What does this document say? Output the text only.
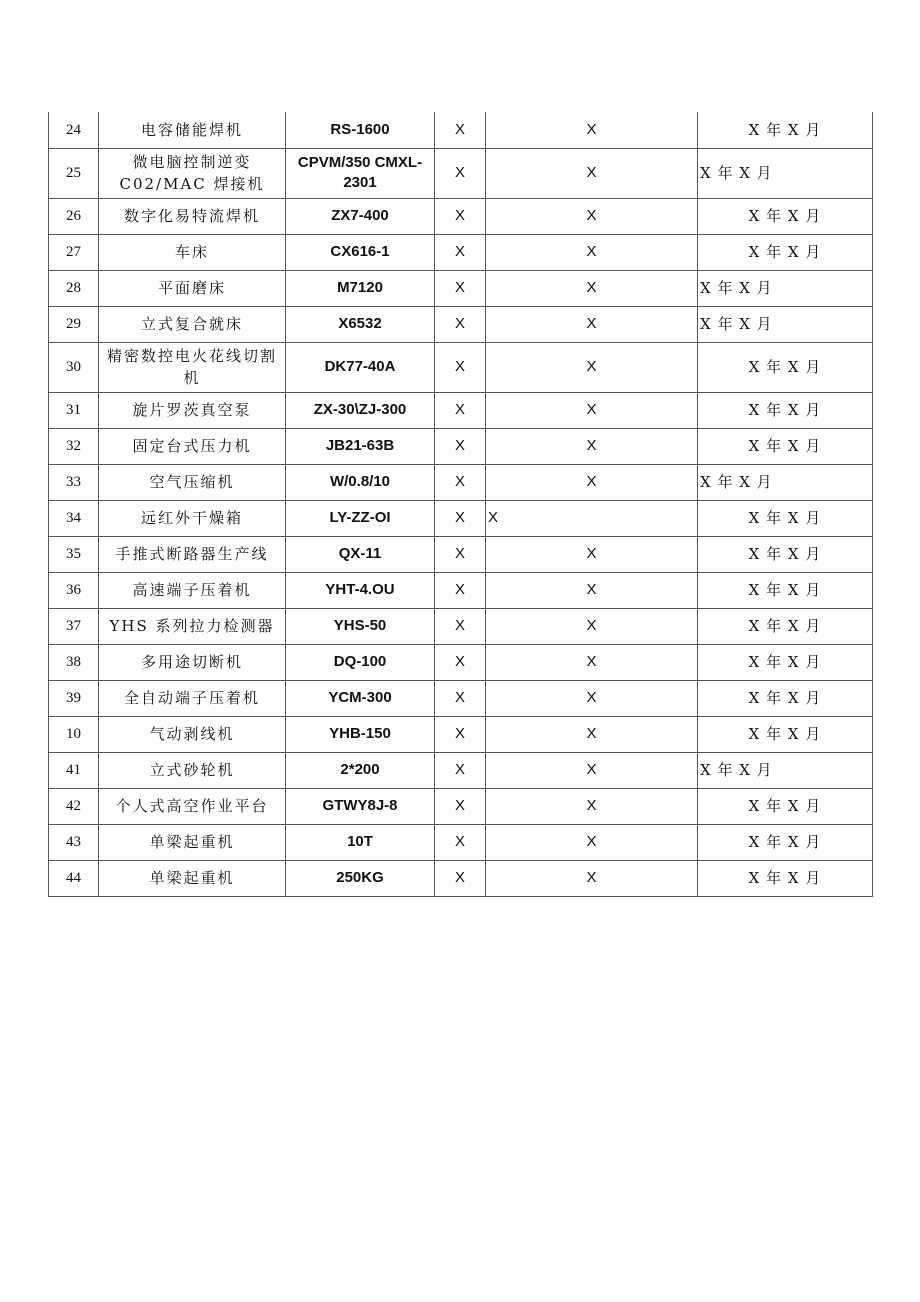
24	电容储能焊机	RS-1600	X	X	X 年 X 月
25	微电脑控制逆变 C02/MAC 焊接机	CPVM/350 CMXL-2301	X	X	X 年 X 月
26	数字化易特流焊机	ZX7-400	X	X	X 年 X 月
27	车床	CX616-1	X	X	X 年 X 月
28	平面磨床	M7120	X	X	X 年 X 月
29	立式复合就床	X6532	X	X	X 年 X 月
30	精密数控电火花线切割机	DK77-40A	X	X	X 年 X 月
31	旋片罗茨真空泵	ZX-30\ZJ-300	X	X	X 年 X 月
32	固定台式压力机	JB21-63B	X	X	X 年 X 月
33	空气压缩机	W/0.8/10	X	X	X 年 X 月
34	远红外干燥箱	LY-ZZ-OI	X	X	X 年 X 月
35	手推式断路器生产线	QX-11	X	X	X 年 X 月
36	高速端子压着机	YHT-4.OU	X	X	X 年 X 月
37	YHS 系列拉力检测器	YHS-50	X	X	X 年 X 月
38	多用途切断机	DQ-100	X	X	X 年 X 月
39	全自动端子压着机	YCM-300	X	X	X 年 X 月
10	气动剥线机	YHB-150	X	X	X 年 X 月
41	立式砂轮机	2*200	X	X	X 年 X 月
42	个人式高空作业平台	GTWY8J-8	X	X	X 年 X 月
43	单梁起重机	10T	X	X	X 年 X 月
44	单梁起重机	250KG	X	X	X 年 X 月
